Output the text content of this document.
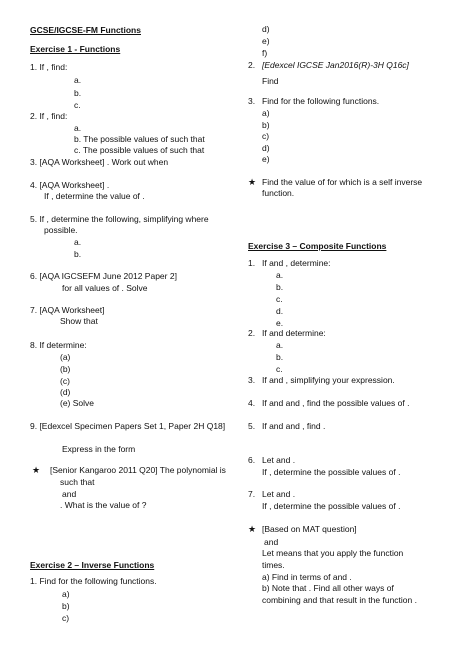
GCSE/IGCSE-FM Functions
Exercise 1 - Functions
1. If , find:
a.
b.
c.
2. If , find:
a.
b. The possible values of such that
c. The possible values of such that
3. [AQA Worksheet] . Work out when
4. [AQA Worksheet] .
If , determine the value of .
5. If , determine the following, simplifying where
possible.
a.
b.
6. [AQA IGCSEFM June 2012 Paper 2]
for all values of . Solve
7. [AQA Worksheet]
Show that
8. If determine:
(a)
(b)
(c)
(d)
(e) Solve
9. [Edexcel Specimen Papers Set 1, Paper 2H Q18]
Express in the form
★ [Senior Kangaroo 2011 Q20] The polynomial is
such that
and
. What is the value of ?
Exercise 2 – Inverse Functions
1. Find for the following functions.
a)
b)
c)
d)
e)
f)
2. [Edexcel IGCSE Jan2016(R)-3H Q16c]
Find
3. Find for the following functions.
a)
b)
c)
d)
e)
★ Find the value of for which is a self inverse
function.
Exercise 3 – Composite Functions
1. If and , determine:
a.
b.
c.
d.
e.
2. If and determine:
a.
b.
c.
3. If and , simplifying your expression.
4. If and and , find the possible values of .
5. If and and , find .
6. Let and .
If , determine the possible values of .
7. Let and .
If , determine the possible values of .
★ [Based on MAT question]
and
Let means that you apply the function
times.
a) Find in terms of and .
b) Note that . Find all other ways of
combining and that result in the function .
